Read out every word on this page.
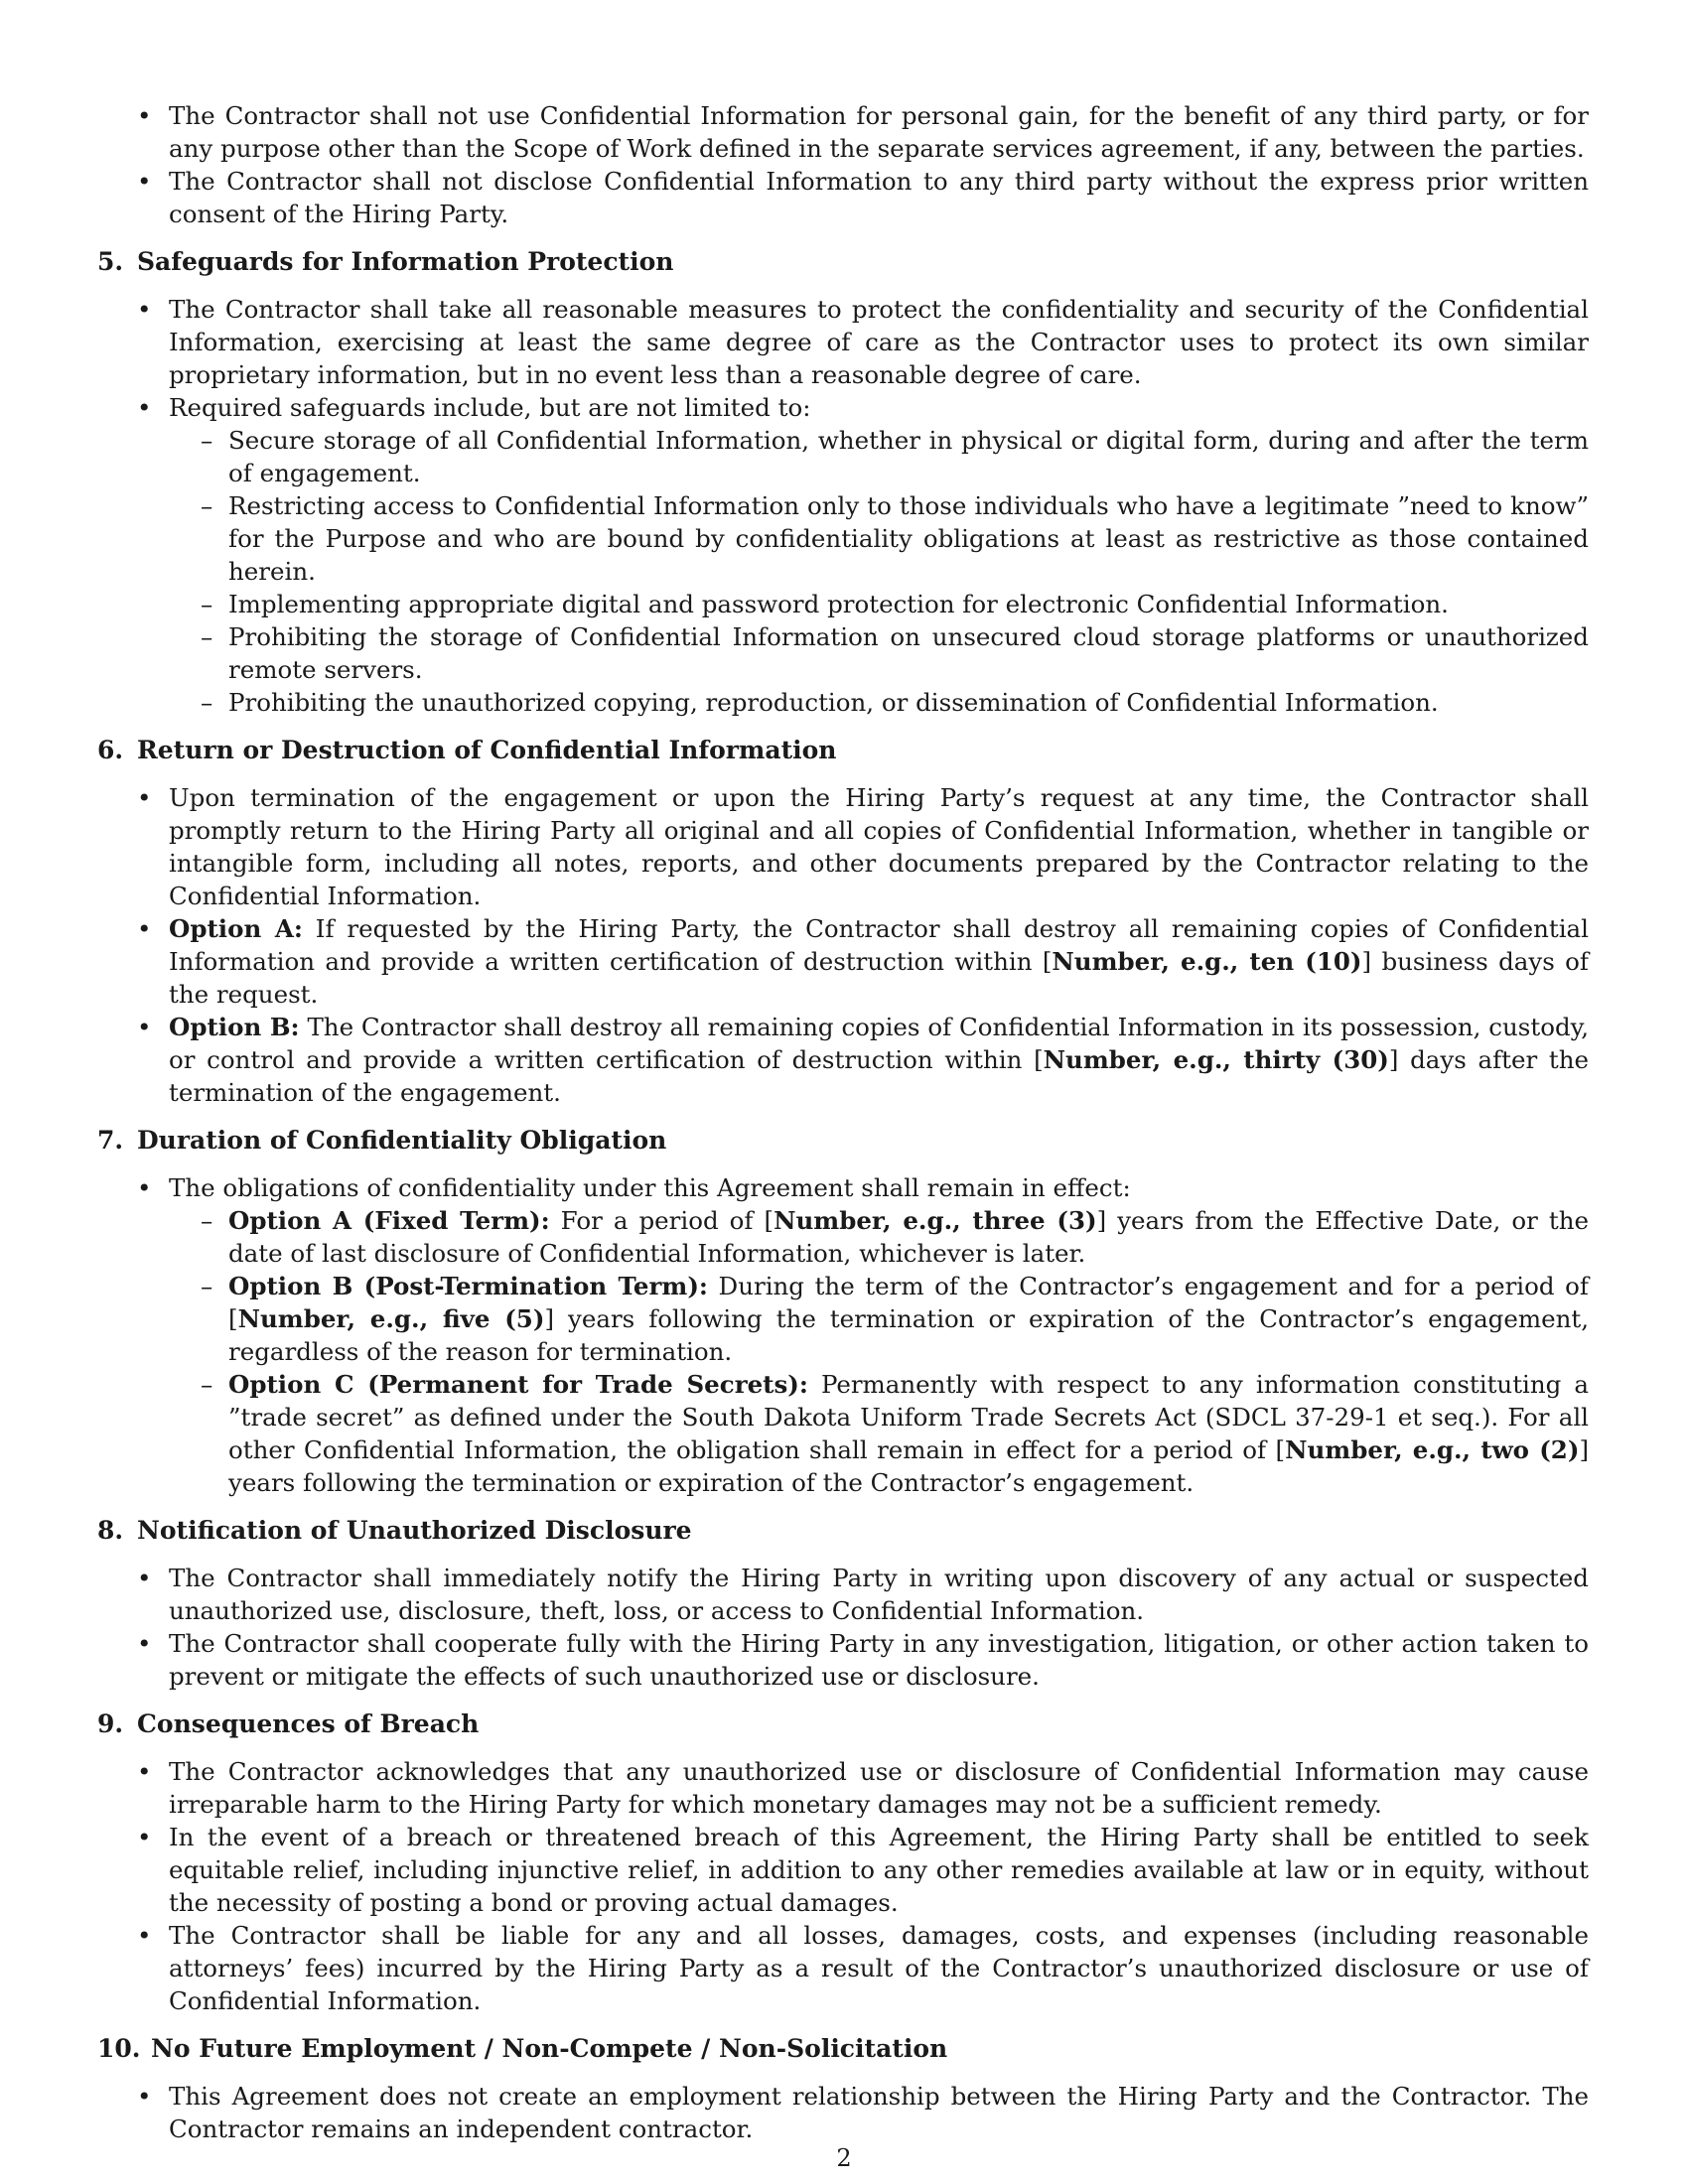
• The Contractor shall not use Confidential Information for personal gain, for the benefit of any third party, or for any purpose other than the Scope of Work defined in the separate services agreement, if any, between the parties.
• The Contractor shall not disclose Confidential Information to any third party without the express prior written consent of the Hiring Party.
5. Safeguards for Information Protection
• The Contractor shall take all reasonable measures to protect the confidentiality and security of the Confidential Information, exercising at least the same degree of care as the Contractor uses to protect its own similar proprietary information, but in no event less than a reasonable degree of care.
• Required safeguards include, but are not limited to:
– Secure storage of all Confidential Information, whether in physical or digital form, during and after the term of engagement.
– Restricting access to Confidential Information only to those individuals who have a legitimate ”need to know” for the Purpose and who are bound by confidentiality obligations at least as restrictive as those contained herein.
– Implementing appropriate digital and password protection for electronic Confidential Information.
– Prohibiting the storage of Confidential Information on unsecured cloud storage platforms or unauthorized remote servers.
– Prohibiting the unauthorized copying, reproduction, or dissemination of Confidential Information.
6. Return or Destruction of Confidential Information
• Upon termination of the engagement or upon the Hiring Party’s request at any time, the Contractor shall promptly return to the Hiring Party all original and all copies of Confidential Information, whether in tangible or intangible form, including all notes, reports, and other documents prepared by the Contractor relating to the Confidential Information.
• Option A: If requested by the Hiring Party, the Contractor shall destroy all remaining copies of Confidential Information and provide a written certification of destruction within [Number, e.g., ten (10)] business days of the request.
• Option B: The Contractor shall destroy all remaining copies of Confidential Information in its possession, custody, or control and provide a written certification of destruction within [Number, e.g., thirty (30)] days after the termination of the engagement.
7. Duration of Confidentiality Obligation
• The obligations of confidentiality under this Agreement shall remain in effect:
– Option A (Fixed Term): For a period of [Number, e.g., three (3)] years from the Effective Date, or the date of last disclosure of Confidential Information, whichever is later.
– Option B (Post-Termination Term): During the term of the Contractor’s engagement and for a period of [Number, e.g., five (5)] years following the termination or expiration of the Contractor’s engagement, regardless of the reason for termination.
– Option C (Permanent for Trade Secrets): Permanently with respect to any information constituting a ”trade secret” as defined under the South Dakota Uniform Trade Secrets Act (SDCL 37-29-1 et seq.). For all other Confidential Information, the obligation shall remain in effect for a period of [Number, e.g., two (2)] years following the termination or expiration of the Contractor’s engagement.
8. Notification of Unauthorized Disclosure
• The Contractor shall immediately notify the Hiring Party in writing upon discovery of any actual or suspected unauthorized use, disclosure, theft, loss, or access to Confidential Information.
• The Contractor shall cooperate fully with the Hiring Party in any investigation, litigation, or other action taken to prevent or mitigate the effects of such unauthorized use or disclosure.
9. Consequences of Breach
• The Contractor acknowledges that any unauthorized use or disclosure of Confidential Information may cause irreparable harm to the Hiring Party for which monetary damages may not be a sufficient remedy.
• In the event of a breach or threatened breach of this Agreement, the Hiring Party shall be entitled to seek equitable relief, including injunctive relief, in addition to any other remedies available at law or in equity, without the necessity of posting a bond or proving actual damages.
• The Contractor shall be liable for any and all losses, damages, costs, and expenses (including reasonable attorneys’ fees) incurred by the Hiring Party as a result of the Contractor’s unauthorized disclosure or use of Confidential Information.
10. No Future Employment / Non-Compete / Non-Solicitation
• This Agreement does not create an employment relationship between the Hiring Party and the Contractor. The Contractor remains an independent contractor.
2
